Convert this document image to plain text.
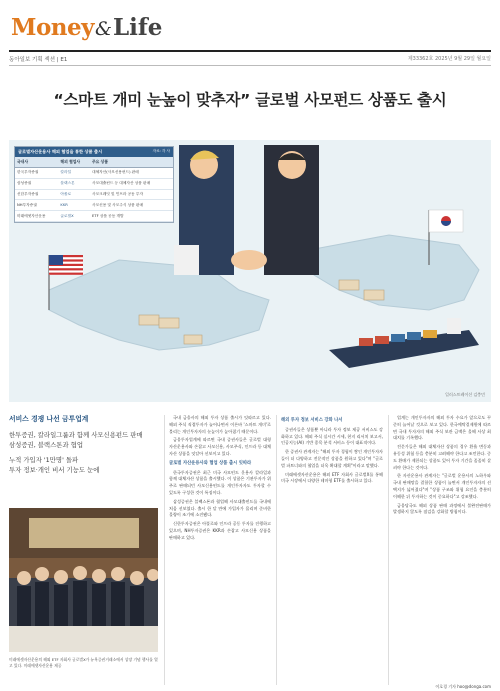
Money&Life
동아일보 기획 섹션 | E1	제33362호 2025년 9월 29일 월요일
“스마트 개미 눈높이 맞추자” 글로벌 사모펀드 상품도 출시
일러스트레이션 김충민
글로벌자산운용사 해외 협업을 통한 상품 출시	자료: 각 사
국내사	해외 협업사	주요 상품
한국투자증권	칼라일	대체자산(사모신용펀드) 판매
삼성증권	블랙스톤	사모대출펀드 등 대체자산 상품 판매
신한투자증권	아폴로	사모크레딧 및 인프라 공동 투자
NH투자증권	KKR	사모신용 및 사모주식 상품 판매
미래에셋자산운용	글로벌X	ETF 상품 공동 개발
서비스 경쟁 나선 금투업계
한투증권, 칼라일그룹과 함께 사모신용펀드 판매
삼성증권, 블랙스톤과 협업
누적 가입자 '1만명' 돌파
투자 정보·개인 비서 기능도 눈에

국내 금융사의 해외 투자 상품 출시가 잇따르고 있다. 해외 주식 직접투자가 늘어나면서 이른바 '스마트 개미'로 불리는 개인투자자의 눈높이가 높아졌기 때문이다.

금융투자업계에 따르면 국내 증권사들은 글로벌 대형 자산운용사와 손잡고 사모신용, 사모주식, 인프라 등 대체자산 상품을 잇달아 선보이고 있다.

글로벌 자산운용사와 협업 상품 출시 잇따라

한국투자증권은 최근 미국 사모펀드 운용사 칼라일과 함께 대체자산 상품을 출시했다. 이 상품은 기관투자가 위주로 판매되던 사모신용펀드를 개인투자자도 투자할 수 있도록 구성한 것이 특징이다.

삼성증권은 블랙스톤과 협업해 사모대출펀드를 국내에 처음 선보였다. 출시 한 달 만에 가입자가 몰리며 준비한 물량이 조기에 소진됐다.

신한투자증권은 아폴로와 인프라 공동 투자를 진행하고 있으며, NH투자증권은 KKR과 손잡고 사모신용 상품을 판매하고 있다.

해외 투자 정보 서비스 강화 나서

증권사들은 상품뿐 아니라 투자 정보 제공 서비스도 강화하고 있다. 해외 주식 실시간 시세, 현지 리서치 보고서, 인공지능(AI) 기반 종목 분석 서비스 등이 대표적이다.

한 증권사 관계자는 "해외 투자 경험이 쌓인 개인투자자들이 더 다양하고 전문적인 상품을 원하고 있다"며 "글로벌 파트너와의 협업을 더욱 확대할 계획"이라고 말했다.

미래에셋자산운용은 해외 ETF 자회사 글로벌X를 통해 미국 시장에서 다양한 테마형 ETF를 출시하고 있다.

업계는 개인투자자의 해외 투자 수요가 앞으로도 꾸준히 늘어날 것으로 보고 있다. 한국예탁결제원에 따르면 국내 투자자의 해외 주식 보관 금액은 올해 사상 최대치를 기록했다.

전문가들은 해외 대체자산 상품의 경우 환율 변동과 유동성 위험 등을 충분히 고려해야 한다고 조언한다. 중도 환매가 제한되는 상품도 있어 투자 기간을 꼼꼼히 살펴야 한다는 것이다.

한 자산운용사 관계자는 "글로벌 운용사의 노하우와 국내 판매망을 결합한 상품이 늘면서 개인투자자의 선택지가 넓어졌다"며 "상품 구조와 위험 요인을 충분히 이해한 뒤 투자하는 것이 중요하다"고 강조했다.

금융당국도 해외 상품 판매 과정에서 불완전판매가 발생하지 않도록 점검을 강화할 방침이다.

미래에셋자산운용의 해외 ETF 자회사 글로벌X가 뉴욕증권거래소에서 상장 기념 행사를 열고 있다. 미래에셋자산운용 제공
이호경 기자 hoo@donga.com
